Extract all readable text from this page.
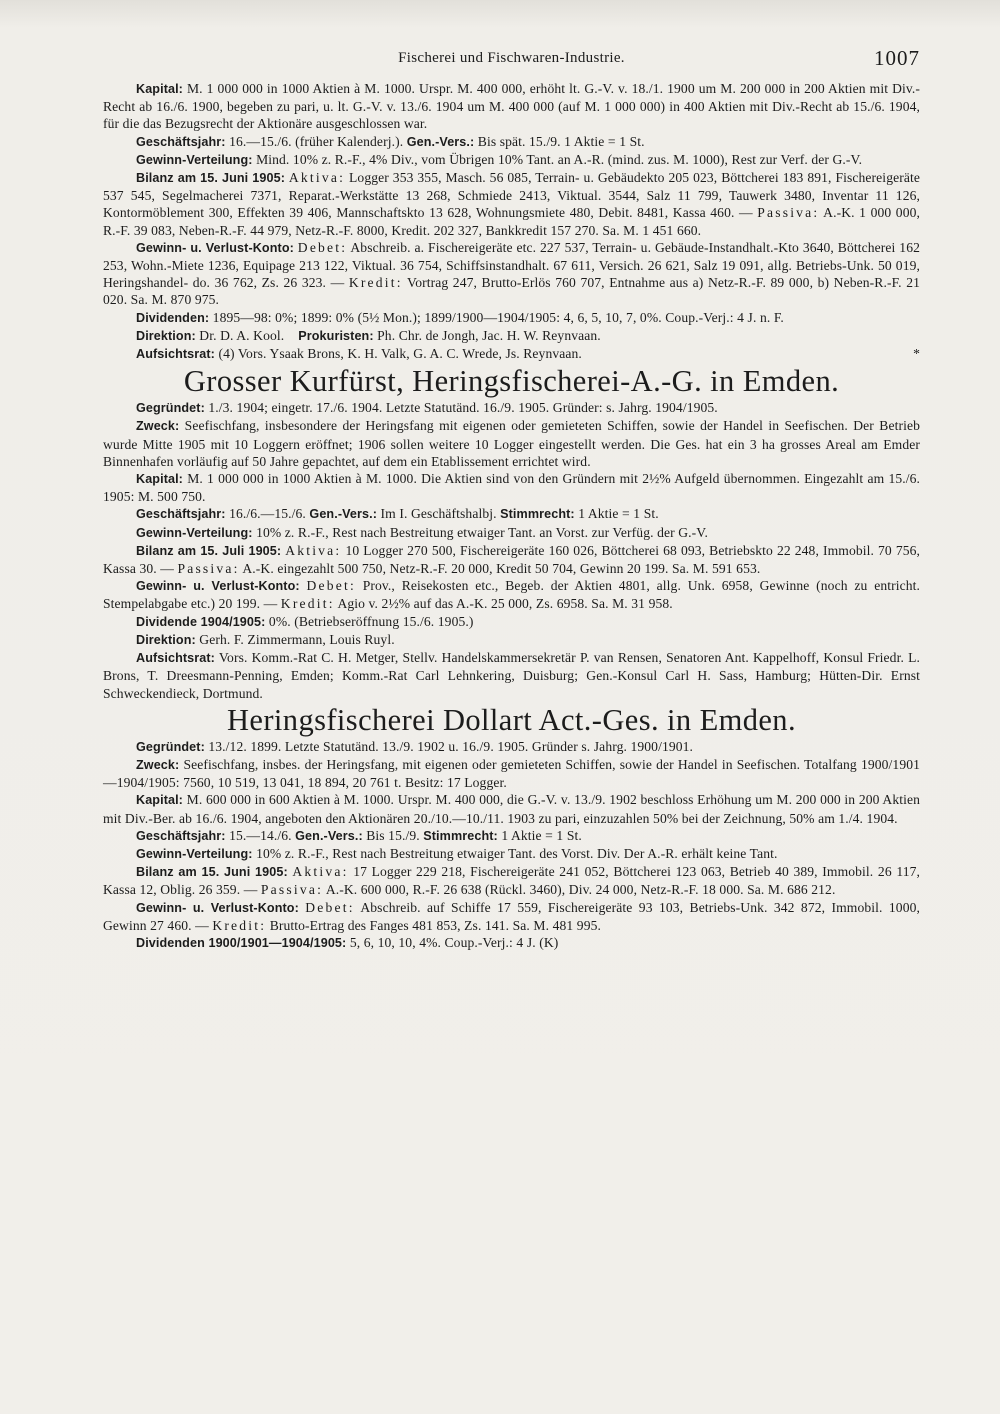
Fischerei und Fischwaren-Industrie.	1007

Kapital: M. 1 000 000 in 1000 Aktien à M. 1000. Urspr. M. 400 000, erhöht lt. G.-V. v. 18./1. 1900 um M. 200 000 in 200 Aktien mit Div.-Recht ab 16./6. 1900, begeben zu pari, u. lt. G.-V. v. 13./6. 1904 um M. 400 000 (auf M. 1 000 000) in 400 Aktien mit Div.-Recht ab 15./6. 1904, für die das Bezugsrecht der Aktionäre ausgeschlossen war.

Geschäftsjahr: 16.—15./6. (früher Kalenderj.). Gen.-Vers.: Bis spät. 15./9. 1 Aktie = 1 St.

Gewinn-Verteilung: Mind. 10% z. R.-F., 4% Div., vom Übrigen 10% Tant. an A.-R. (mind. zus. M. 1000), Rest zur Verf. der G.-V.

Bilanz am 15. Juni 1905: Aktiva: Logger 353 355, Masch. 56 085, Terrain- u. Gebäudekto 205 023, Böttcherei 183 891, Fischereigeräte 537 545, Segelmacherei 7371, Reparat.-Werkstätte 13 268, Schmiede 2413, Viktual. 3544, Salz 11 799, Tauwerk 3480, Inventar 11 126, Kontormöblement 300, Effekten 39 406, Mannschaftskto 13 628, Wohnungsmiete 480, Debit. 8481, Kassa 460. — Passiva: A.-K. 1 000 000, R.-F. 39 083, Neben-R.-F. 44 979, Netz-R.-F. 8000, Kredit. 202 327, Bankkredit 157 270. Sa. M. 1 451 660.

Gewinn- u. Verlust-Konto: Debet: Abschreib. a. Fischereigeräte etc. 227 537, Terrain- u. Gebäude-Instandhalt.-Kto 3640, Böttcherei 162 253, Wohn.-Miete 1236, Equipage 213 122, Viktual. 36 754, Schiffsinstandhalt. 67 611, Versich. 26 621, Salz 19 091, allg. Betriebs-Unk. 50 019, Heringshandel- do. 36 762, Zs. 26 323. — Kredit: Vortrag 247, Brutto-Erlös 760 707, Entnahme aus a) Netz-R.-F. 89 000, b) Neben-R.-F. 21 020. Sa. M. 870 975.

Dividenden: 1895—98: 0%; 1899: 0% (5½ Mon.); 1899/1900—1904/1905: 4, 6, 5, 10, 7, 0%. Coup.-Verj.: 4 J. n. F.

Direktion: Dr. D. A. Kool. Prokuristen: Ph. Chr. de Jongh, Jac. H. W. Reynvaan.

Aufsichtsrat: (4) Vors. Ysaak Brons, K. H. Valk, G. A. C. Wrede, Js. Reynvaan.	*

Grosser Kurfürst, Heringsfischerei-A.-G. in Emden.

Gegründet: 1./3. 1904; eingetr. 17./6. 1904. Letzte Statutänd. 16./9. 1905. Gründer: s. Jahrg. 1904/1905.

Zweck: Seefischfang, insbesondere der Heringsfang mit eigenen oder gemieteten Schiffen, sowie der Handel in Seefischen. Der Betrieb wurde Mitte 1905 mit 10 Loggern eröffnet; 1906 sollen weitere 10 Logger eingestellt werden. Die Ges. hat ein 3 ha grosses Areal am Emder Binnenhafen vorläufig auf 50 Jahre gepachtet, auf dem ein Etablissement errichtet wird.

Kapital: M. 1 000 000 in 1000 Aktien à M. 1000. Die Aktien sind von den Gründern mit 2½% Aufgeld übernommen. Eingezahlt am 15./6. 1905: M. 500 750.

Geschäftsjahr: 16./6.—15./6. Gen.-Vers.: Im I. Geschäftshalbj. Stimmrecht: 1 Aktie = 1 St.

Gewinn-Verteilung: 10% z. R.-F., Rest nach Bestreitung etwaiger Tant. an Vorst. zur Verfüg. der G.-V.

Bilanz am 15. Juli 1905: Aktiva: 10 Logger 270 500, Fischereigeräte 160 026, Böttcherei 68 093, Betriebskto 22 248, Immobil. 70 756, Kassa 30. — Passiva: A.-K. eingezahlt 500 750, Netz-R.-F. 20 000, Kredit 50 704, Gewinn 20 199. Sa. M. 591 653.

Gewinn- u. Verlust-Konto: Debet: Prov., Reisekosten etc., Begeb. der Aktien 4801, allg. Unk. 6958, Gewinne (noch zu entricht. Stempelabgabe etc.) 20 199. — Kredit: Agio v. 2½% auf das A.-K. 25 000, Zs. 6958. Sa. M. 31 958.

Dividende 1904/1905: 0%. (Betriebseröffnung 15./6. 1905.)

Direktion: Gerh. F. Zimmermann, Louis Ruyl.

Aufsichtsrat: Vors. Komm.-Rat C. H. Metger, Stellv. Handelskammersekretär P. van Rensen, Senatoren Ant. Kappelhoff, Konsul Friedr. L. Brons, T. Dreesmann-Penning, Emden; Komm.-Rat Carl Lehnkering, Duisburg; Gen.-Konsul Carl H. Sass, Hamburg; Hütten-Dir. Ernst Schweckendieck, Dortmund.

Heringsfischerei Dollart Act.-Ges. in Emden.

Gegründet: 13./12. 1899. Letzte Statutänd. 13./9. 1902 u. 16./9. 1905. Gründer s. Jahrg. 1900/1901.

Zweck: Seefischfang, insbes. der Heringsfang, mit eigenen oder gemieteten Schiffen, sowie der Handel in Seefischen. Totalfang 1900/1901—1904/1905: 7560, 10 519, 13 041, 18 894, 20 761 t. Besitz: 17 Logger.

Kapital: M. 600 000 in 600 Aktien à M. 1000. Urspr. M. 400 000, die G.-V. v. 13./9. 1902 beschloss Erhöhung um M. 200 000 in 200 Aktien mit Div.-Ber. ab 16./6. 1904, angeboten den Aktionären 20./10.—10./11. 1903 zu pari, einzuzahlen 50% bei der Zeichnung, 50% am 1./4. 1904.

Geschäftsjahr: 15.—14./6. Gen.-Vers.: Bis 15./9. Stimmrecht: 1 Aktie = 1 St.

Gewinn-Verteilung: 10% z. R.-F., Rest nach Bestreitung etwaiger Tant. des Vorst. Div. Der A.-R. erhält keine Tant.

Bilanz am 15. Juni 1905: Aktiva: 17 Logger 229 218, Fischereigeräte 241 052, Böttcherei 123 063, Betrieb 40 389, Immobil. 26 117, Kassa 12, Oblig. 26 359. — Passiva: A.-K. 600 000, R.-F. 26 638 (Rückl. 3460), Div. 24 000, Netz-R.-F. 18 000. Sa. M. 686 212.

Gewinn- u. Verlust-Konto: Debet: Abschreib. auf Schiffe 17 559, Fischereigeräte 93 103, Betriebs-Unk. 342 872, Immobil. 1000, Gewinn 27 460. — Kredit: Brutto-Ertrag des Fanges 481 853, Zs. 141. Sa. M. 481 995.

Dividenden 1900/1901—1904/1905: 5, 6, 10, 10, 4%. Coup.-Verj.: 4 J. (K)
